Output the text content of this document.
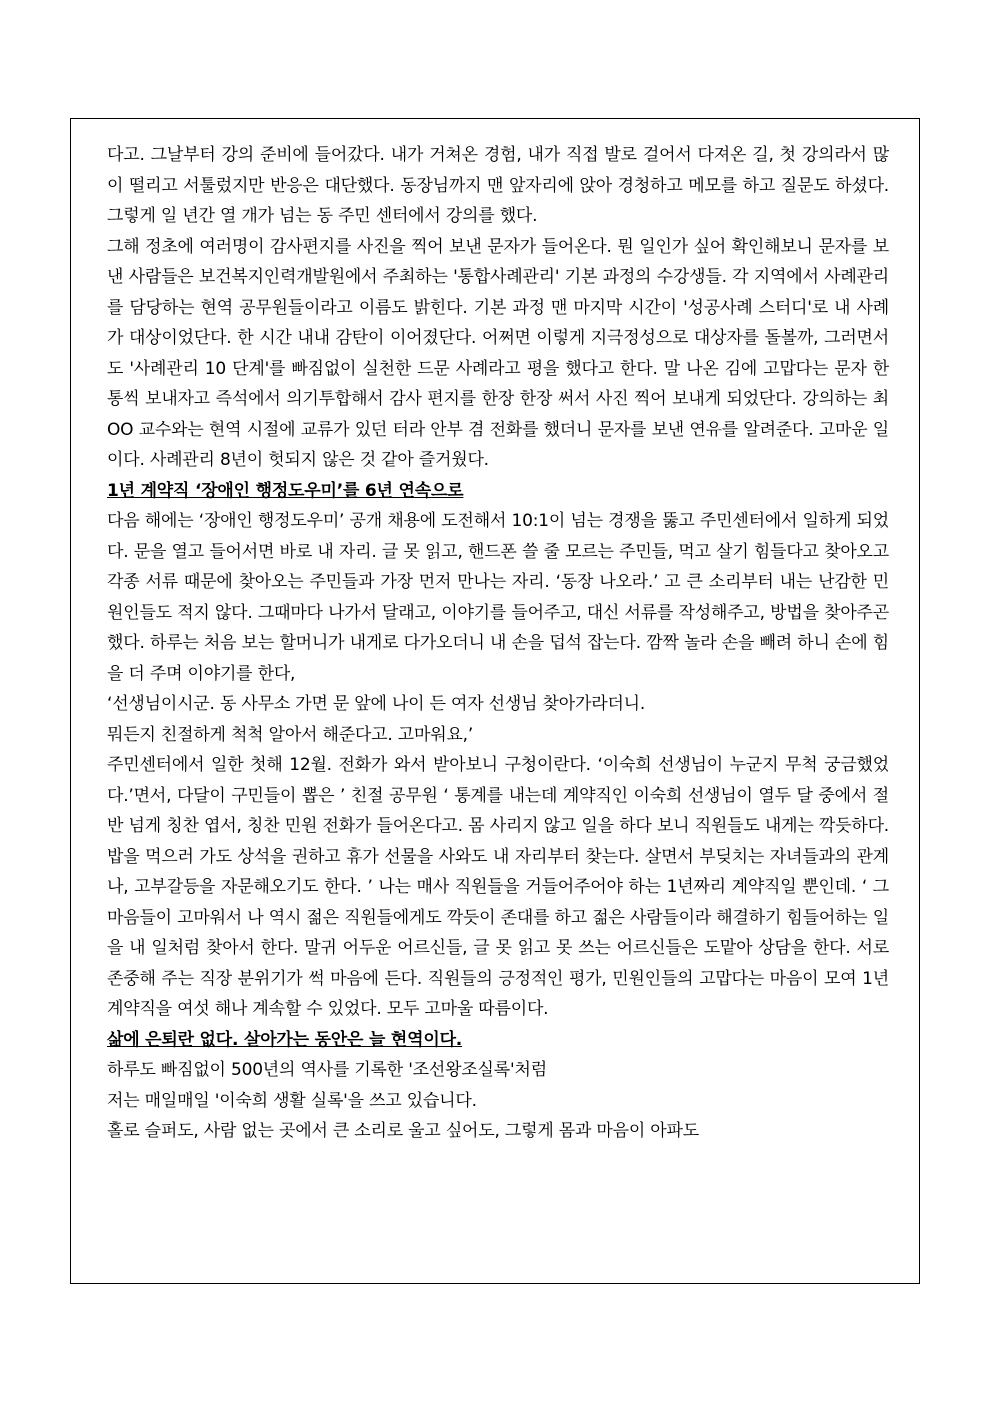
다고. 그날부터 강의 준비에 들어갔다. 내가 거쳐온 경험, 내가 직접 발로 걸어서 다져온 길, 첫 강의라서 많이 떨리고 서툴렀지만 반응은 대단했다. 동장님까지 맨 앞자리에 앉아 경청하고 메모를 하고 질문도 하셨다. 그렇게 일 년간 열 개가 넘는 동 주민 센터에서 강의를 했다.

그해 정초에 여러명이 감사편지를 사진을 찍어 보낸 문자가 들어온다. 뭔 일인가 싶어 확인해보니 문자를 보낸 사람들은 보건복지인력개발원에서 주최하는 '통합사례관리' 기본 과정의 수강생들. 각 지역에서 사례관리를 담당하는 현역 공무원들이라고 이름도 밝힌다. 기본 과정 맨 마지막 시간이 '성공사례 스터디'로 내 사례가 대상이었단다. 한 시간 내내 감탄이 이어졌단다. 어쩌면 이렇게 지극정성으로 대상자를 돌볼까, 그러면서도 '사례관리 10 단계'를 빠짐없이 실천한 드문 사례라고 평을 했다고 한다. 말 나온 김에 고맙다는 문자 한 통씩 보내자고 즉석에서 의기투합해서 감사 편지를 한장 한장 써서 사진 찍어 보내게 되었단다. 강의하는 최OO 교수와는 현역 시절에 교류가 있던 터라 안부 겸 전화를 했더니 문자를 보낸 연유를 알려준다. 고마운 일이다. 사례관리 8년이 헛되지 않은 것 같아 즐거웠다.

1년 계약직 ‘장애인 행정도우미’를 6년 연속으로

다음 해에는 ‘장애인 행정도우미’ 공개 채용에 도전해서 10:1이 넘는 경쟁을 뚫고 주민센터에서 일하게 되었다. 문을 열고 들어서면 바로 내 자리. 글 못 읽고, 핸드폰 쓸 줄 모르는 주민들, 먹고 살기 힘들다고 찾아오고 각종 서류 때문에 찾아오는 주민들과 가장 먼저 만나는 자리. ‘동장 나오라.’ 고 큰 소리부터 내는 난감한 민원인들도 적지 않다. 그때마다 나가서 달래고, 이야기를 들어주고, 대신 서류를 작성해주고, 방법을 찾아주곤 했다. 하루는 처음 보는 할머니가 내게로 다가오더니 내 손을 덥석 잡는다. 깜짝 놀라 손을 빼려 하니 손에 힘을 더 주며 이야기를 한다,

‘선생님이시군. 동 사무소 가면 문 앞에 나이 든 여자 선생님 찾아가라더니.

뭐든지 친절하게 척척 알아서 해준다고. 고마워요,’

주민센터에서 일한 첫해 12월. 전화가 와서 받아보니 구청이란다. ‘이숙희 선생님이 누군지 무척 궁금했었다.’면서, 다달이 구민들이 뽑은 ’ 친절 공무원 ‘ 통계를 내는데 계약직인 이숙희 선생님이 열두 달 중에서 절반 넘게 칭찬 엽서, 칭찬 민원 전화가 들어온다고. 몸 사리지 않고 일을 하다 보니 직원들도 내게는 깍듯하다. 밥을 먹으러 가도 상석을 권하고 휴가 선물을 사와도 내 자리부터 찾는다. 살면서 부딪치는 자녀들과의 관계나, 고부갈등을 자문해오기도 한다. ’ 나는 매사 직원들을 거들어주어야 하는 1년짜리 계약직일 뿐인데. ‘ 그 마음들이 고마워서 나 역시 젊은 직원들에게도 깍듯이 존대를 하고 젊은 사람들이라 해결하기 힘들어하는 일을 내 일처럼 찾아서 한다. 말귀 어두운 어르신들, 글 못 읽고 못 쓰는 어르신들은 도맡아 상담을 한다. 서로 존중해 주는 직장 분위기가 썩 마음에 든다. 직원들의 긍정적인 평가, 민원인들의 고맙다는 마음이 모여 1년 계약직을 여섯 해나 계속할 수 있었다. 모두 고마울 따름이다.

삶에 은퇴란 없다. 살아가는 동안은 늘 현역이다.

하루도 빠짐없이 500년의 역사를 기록한 '조선왕조실록'처럼

저는 매일매일 '이숙희 생활 실록'을 쓰고 있습니다.

홀로 슬퍼도, 사람 없는 곳에서 큰 소리로 울고 싶어도, 그렇게 몸과 마음이 아파도
